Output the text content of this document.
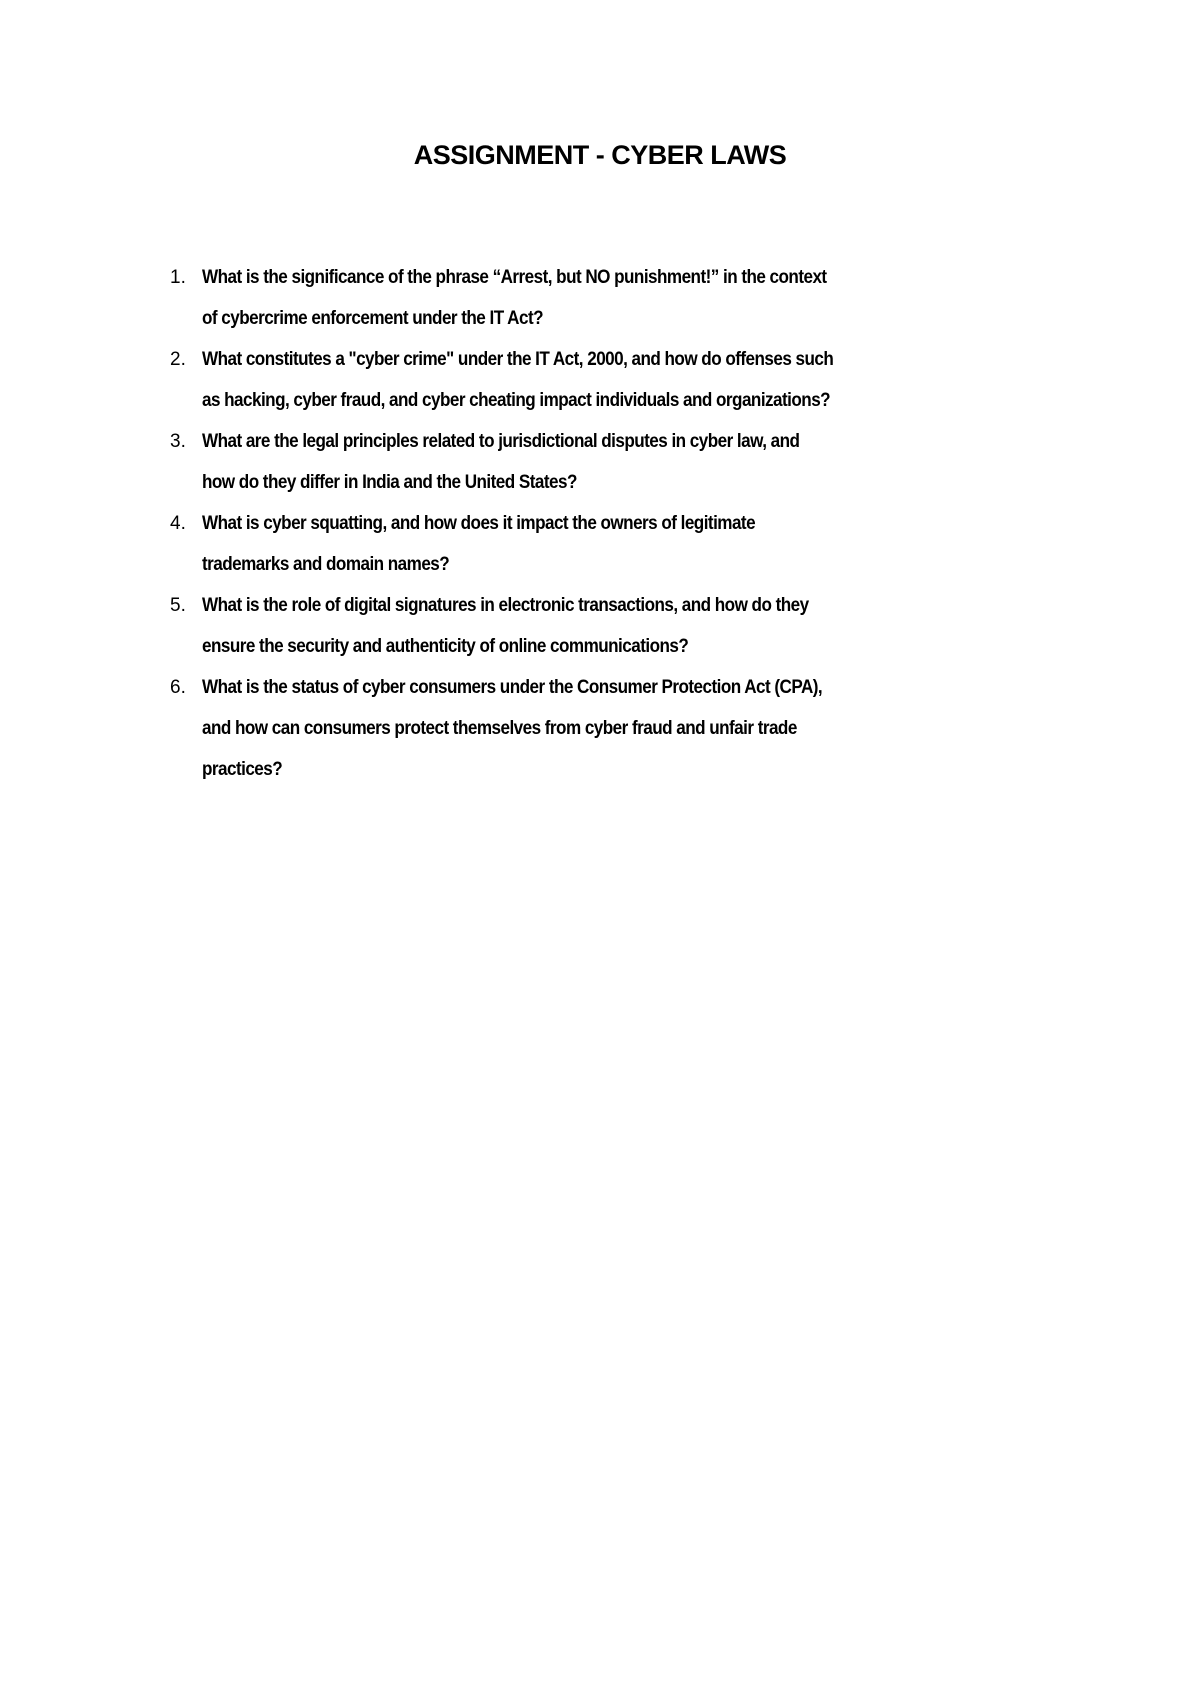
ASSIGNMENT - CYBER LAWS
1. What is the significance of the phrase “Arrest, but NO punishment!” in the context
of cybercrime enforcement under the IT Act?
2. What constitutes a "cyber crime" under the IT Act, 2000, and how do offenses such
as hacking, cyber fraud, and cyber cheating impact individuals and organizations?
3. What are the legal principles related to jurisdictional disputes in cyber law, and
how do they differ in India and the United States?
4. What is cyber squatting, and how does it impact the owners of legitimate
trademarks and domain names?
5. What is the role of digital signatures in electronic transactions, and how do they
ensure the security and authenticity of online communications?
6. What is the status of cyber consumers under the Consumer Protection Act (CPA),
and how can consumers protect themselves from cyber fraud and unfair trade
practices?
